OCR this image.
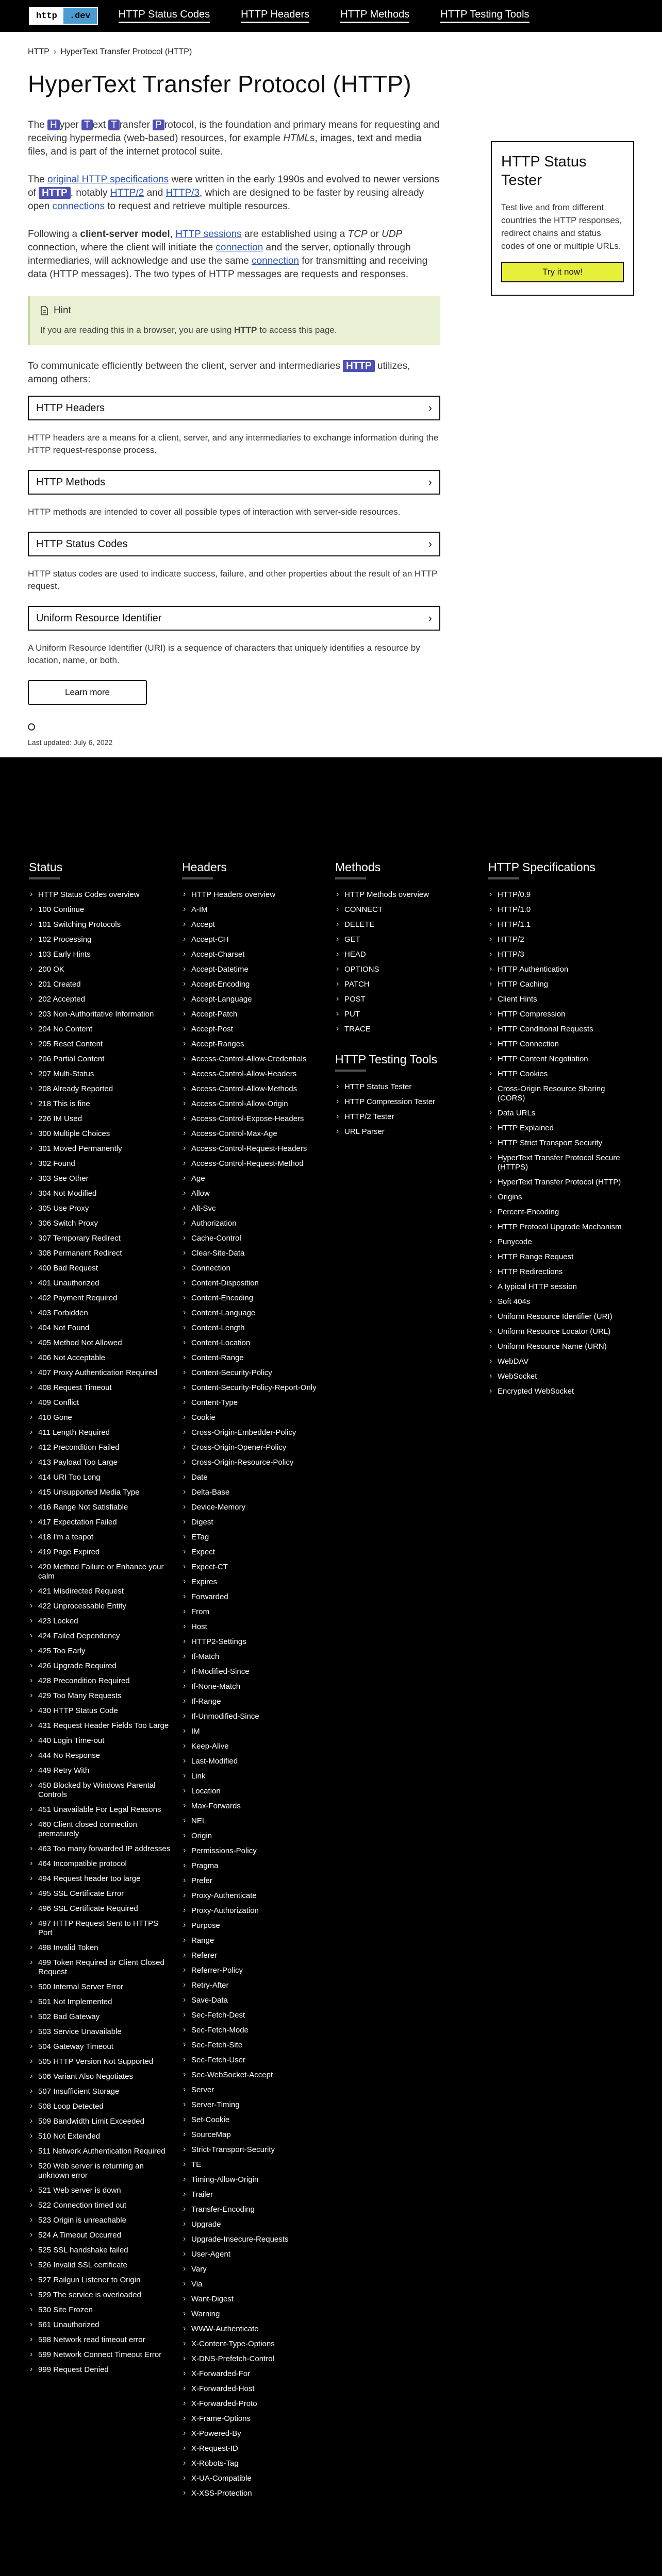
http	.dev	HTTP Status Codes	HTTP Headers	HTTP Methods	HTTP Testing Tools
HTTP › HyperText Transfer Protocol (HTTP)
HyperText Transfer Protocol (HTTP)

The H yper T ext T ransfer P rotocol, is the foundation and primary means for requesting and receiving hypermedia (web-based) resources, for example HTMLs, images, text and media files, and is part of the internet protocol suite.

The original HTTP specifications were written in the early 1990s and evolved to newer versions of HTTP , notably HTTP/2 and HTTP/3, which are designed to be faster by reusing already open connections to request and retrieve multiple resources.

Following a client-server model, HTTP sessions are established using a TCP or UDP connection, where the client will initiate the connection and the server, optionally through intermediaries, will acknowledge and use the same connection for transmitting and receiving data (HTTP messages). The two types of HTTP messages are requests and responses.

Hint
If you are reading this in a browser, you are using HTTP to access this page.

To communicate efficiently between the client, server and intermediaries HTTP utilizes, among others:

HTTP Headers	›
HTTP headers are a means for a client, server, and any intermediaries to exchange information during the HTTP request-response process.
HTTP Methods	›
HTTP methods are intended to cover all possible types of interaction with server-side resources.
HTTP Status Codes	›
HTTP status codes are used to indicate success, failure, and other properties about the result of an HTTP request.
Uniform Resource Identifier	›
A Uniform Resource Identifier (URI) is a sequence of characters that uniquely identifies a resource by location, name, or both.
Learn more
Last updated: July 6, 2022
HTTP Status Tester

Test live and from different countries the HTTP responses, redirect chains and status codes of one or multiple URLs.

Try it now!
Status
› HTTP Status Codes overview
› 100 Continue
› 101 Switching Protocols
› 102 Processing
› 103 Early Hints
› 200 OK
› 201 Created
› 202 Accepted
› 203 Non-Authoritative Information
› 204 No Content
› 205 Reset Content
› 206 Partial Content
› 207 Multi-Status
› 208 Already Reported
› 218 This is fine
› 226 IM Used
› 300 Multiple Choices
› 301 Moved Permanently
› 302 Found
› 303 See Other
› 304 Not Modified
› 305 Use Proxy
› 306 Switch Proxy
› 307 Temporary Redirect
› 308 Permanent Redirect
› 400 Bad Request
› 401 Unauthorized
› 402 Payment Required
› 403 Forbidden
› 404 Not Found
› 405 Method Not Allowed
› 406 Not Acceptable
› 407 Proxy Authentication Required
› 408 Request Timeout
› 409 Conflict
› 410 Gone
› 411 Length Required
› 412 Precondition Failed
› 413 Payload Too Large
› 414 URI Too Long
› 415 Unsupported Media Type
› 416 Range Not Satisfiable
› 417 Expectation Failed
› 418 I'm a teapot
› 419 Page Expired
› 420 Method Failure or Enhance your calm
› 421 Misdirected Request
› 422 Unprocessable Entity
› 423 Locked
› 424 Failed Dependency
› 425 Too Early
› 426 Upgrade Required
› 428 Precondition Required
› 429 Too Many Requests
› 430 HTTP Status Code
› 431 Request Header Fields Too Large
› 440 Login Time-out
› 444 No Response
› 449 Retry With
› 450 Blocked by Windows Parental Controls
› 451 Unavailable For Legal Reasons
› 460 Client closed connection prematurely
› 463 Too many forwarded IP addresses
› 464 Incompatible protocol
› 494 Request header too large
› 495 SSL Certificate Error
› 496 SSL Certificate Required
› 497 HTTP Request Sent to HTTPS Port
› 498 Invalid Token
› 499 Token Required or Client Closed Request
› 500 Internal Server Error
› 501 Not Implemented
› 502 Bad Gateway
› 503 Service Unavailable
› 504 Gateway Timeout
› 505 HTTP Version Not Supported
› 506 Variant Also Negotiates
› 507 Insufficient Storage
› 508 Loop Detected
› 509 Bandwidth Limit Exceeded
› 510 Not Extended
› 511 Network Authentication Required
› 520 Web server is returning an unknown error
› 521 Web server is down
› 522 Connection timed out
› 523 Origin is unreachable
› 524 A Timeout Occurred
› 525 SSL handshake failed
› 526 Invalid SSL certificate
› 527 Railgun Listener to Origin
› 529 The service is overloaded
› 530 Site Frozen
› 561 Unauthorized
› 598 Network read timeout error
› 599 Network Connect Timeout Error
› 999 Request Denied
Headers
› HTTP Headers overview
› A-IM
› Accept
› Accept-CH
› Accept-Charset
› Accept-Datetime
› Accept-Encoding
› Accept-Language
› Accept-Patch
› Accept-Post
› Accept-Ranges
› Access-Control-Allow-Credentials
› Access-Control-Allow-Headers
› Access-Control-Allow-Methods
› Access-Control-Allow-Origin
› Access-Control-Expose-Headers
› Access-Control-Max-Age
› Access-Control-Request-Headers
› Access-Control-Request-Method
› Age
› Allow
› Alt-Svc
› Authorization
› Cache-Control
› Clear-Site-Data
› Connection
› Content-Disposition
› Content-Encoding
› Content-Language
› Content-Length
› Content-Location
› Content-Range
› Content-Security-Policy
› Content-Security-Policy-Report-Only
› Content-Type
› Cookie
› Cross-Origin-Embedder-Policy
› Cross-Origin-Opener-Policy
› Cross-Origin-Resource-Policy
› Date
› Delta-Base
› Device-Memory
› Digest
› ETag
› Expect
› Expect-CT
› Expires
› Forwarded
› From
› Host
› HTTP2-Settings
› If-Match
› If-Modified-Since
› If-None-Match
› If-Range
› If-Unmodified-Since
› IM
› Keep-Alive
› Last-Modified
› Link
› Location
› Max-Forwards
› NEL
› Origin
› Permissions-Policy
› Pragma
› Prefer
› Proxy-Authenticate
› Proxy-Authorization
› Purpose
› Range
› Referer
› Referrer-Policy
› Retry-After
› Save-Data
› Sec-Fetch-Dest
› Sec-Fetch-Mode
› Sec-Fetch-Site
› Sec-Fetch-User
› Sec-WebSocket-Accept
› Server
› Server-Timing
› Set-Cookie
› SourceMap
› Strict-Transport-Security
› TE
› Timing-Allow-Origin
› Trailer
› Transfer-Encoding
› Upgrade
› Upgrade-Insecure-Requests
› User-Agent
› Vary
› Via
› Want-Digest
› Warning
› WWW-Authenticate
› X-Content-Type-Options
› X-DNS-Prefetch-Control
› X-Forwarded-For
› X-Forwarded-Host
› X-Forwarded-Proto
› X-Frame-Options
› X-Powered-By
› X-Request-ID
› X-Robots-Tag
› X-UA-Compatible
› X-XSS-Protection
Methods
› HTTP Methods overview
› CONNECT
› DELETE
› GET
› HEAD
› OPTIONS
› PATCH
› POST
› PUT
› TRACE
HTTP Testing Tools
› HTTP Status Tester
› HTTP Compression Tester
› HTTP/2 Tester
› URL Parser
HTTP Specifications
› HTTP/0.9
› HTTP/1.0
› HTTP/1.1
› HTTP/2
› HTTP/3
› HTTP Authentication
› HTTP Caching
› Client Hints
› HTTP Compression
› HTTP Conditional Requests
› HTTP Connection
› HTTP Content Negotiation
› HTTP Cookies
› Cross-Origin Resource Sharing (CORS)
› Data URLs
› HTTP Explained
› HTTP Strict Transport Security
› HyperText Transfer Protocol Secure (HTTPS)
› HyperText Transfer Protocol (HTTP)
› Origins
› Percent-Encoding
› HTTP Protocol Upgrade Mechanism
› Punycode
› HTTP Range Request
› HTTP Redirections
› A typical HTTP session
› Soft 404s
› Uniform Resource Identifier (URI)
› Uniform Resource Locator (URL)
› Uniform Resource Name (URN)
› WebDAV
› WebSocket
› Encrypted WebSocket
